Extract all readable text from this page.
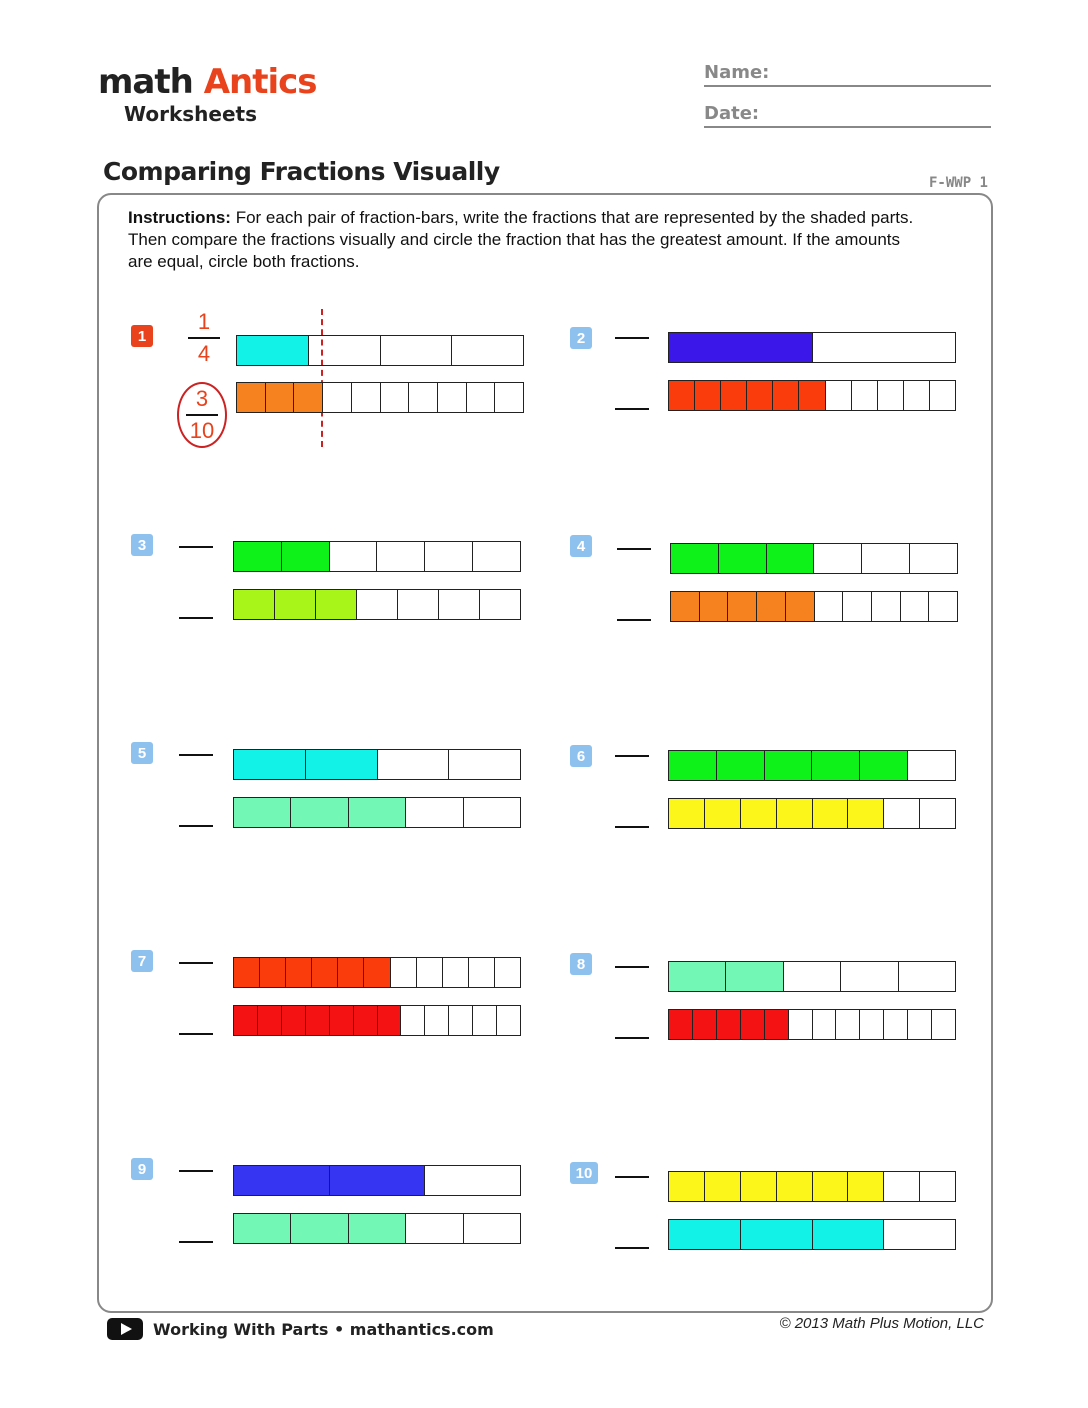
math Antics
Worksheets
Name:
Date:
Comparing Fractions Visually	F-WWP 1
Instructions: For each pair of fraction-bars, write the fractions that are represented by the shaded parts. Then compare the fractions visually and circle the fraction that has the greatest amount. If the amounts are equal, circle both fractions.
1
4
3
10
1	2
3	4
5	6
7	8
9	10
Working With Parts • mathantics.com	© 2013 Math Plus Motion, LLC
